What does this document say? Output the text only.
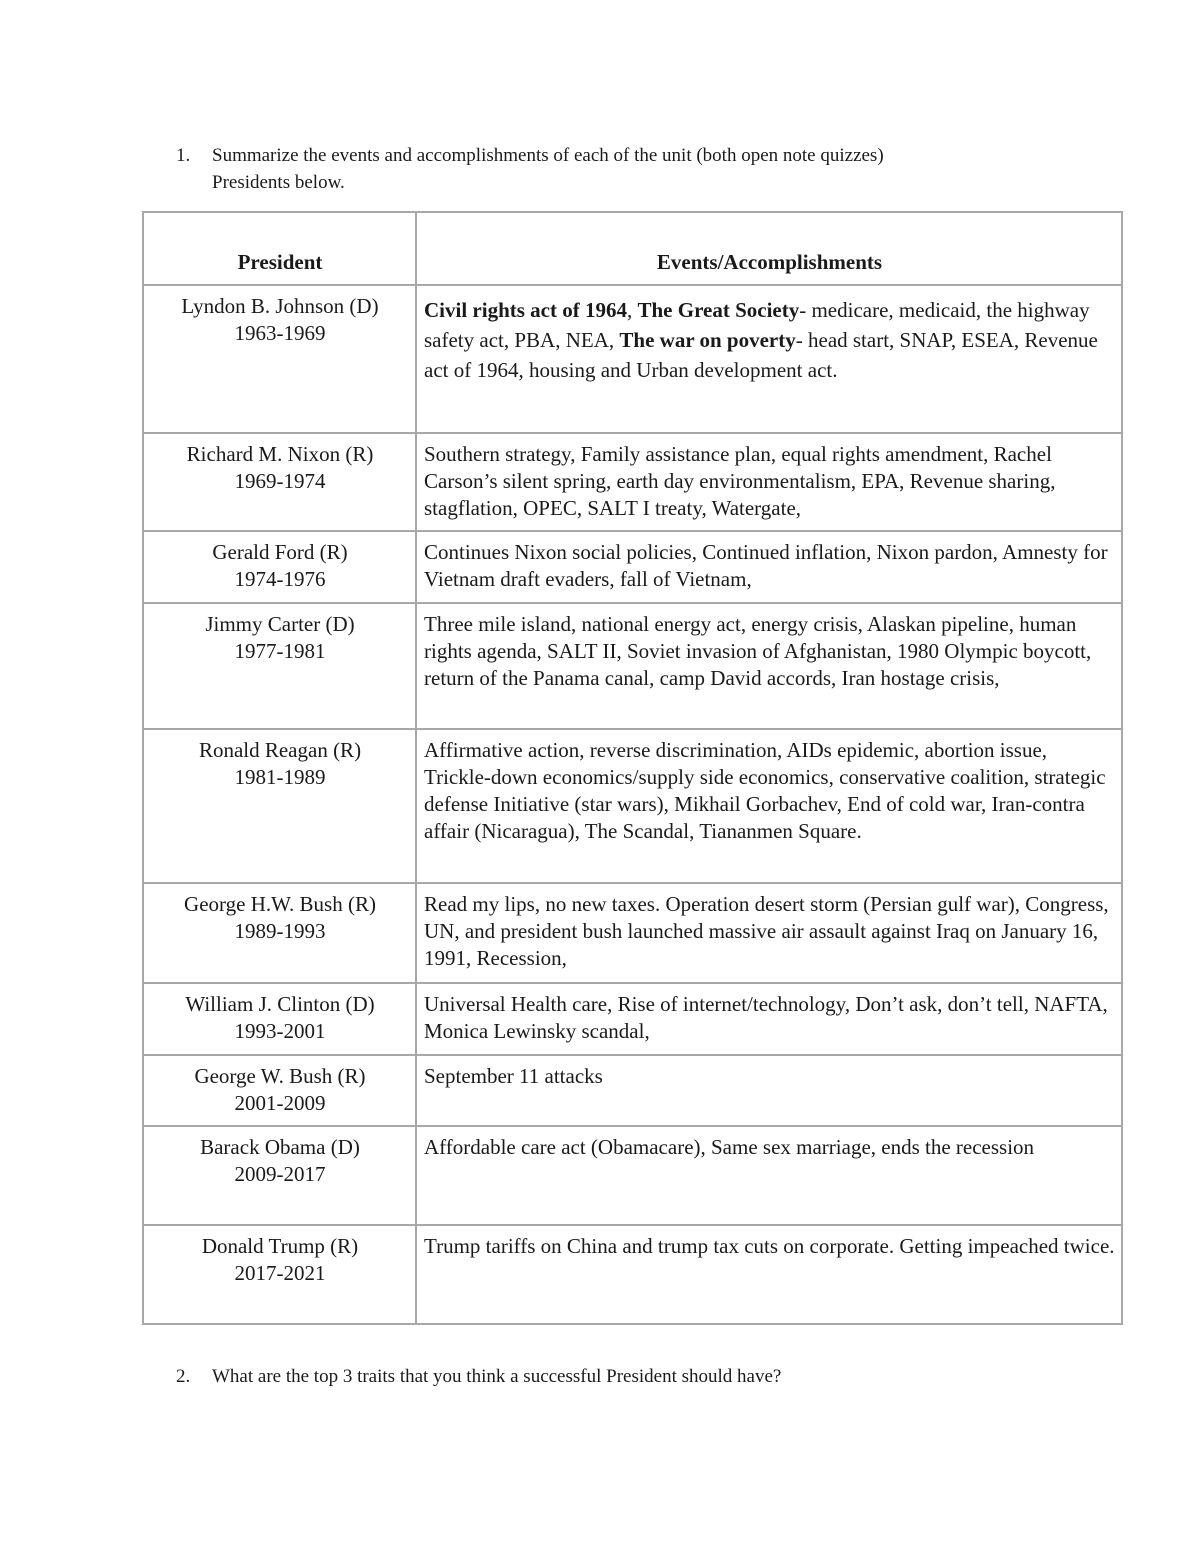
1. Summarize the events and accomplishments of each of the unit (both open note quizzes)
Presidents below.
President	Events/Accomplishments

Lyndon B. Johnson (D)
1963-1969	Civil rights act of 1964, The Great Society- medicare, medicaid, the highway safety act, PBA, NEA, The war on poverty- head start, SNAP, ESEA, Revenue act of 1964, housing and Urban development act.

Richard M. Nixon (R)
1969-1974	Southern strategy, Family assistance plan, equal rights amendment, Rachel Carson’s silent spring, earth day environmentalism, EPA, Revenue sharing, stagflation, OPEC, SALT I treaty, Watergate,

Gerald Ford (R)
1974-1976	Continues Nixon social policies, Continued inflation, Nixon pardon, Amnesty for Vietnam draft evaders, fall of Vietnam,

Jimmy Carter (D)
1977-1981	Three mile island, national energy act, energy crisis, Alaskan pipeline, human rights agenda, SALT II, Soviet invasion of Afghanistan, 1980 Olympic boycott, return of the Panama canal, camp David accords, Iran hostage crisis,

Ronald Reagan (R)
1981-1989	Affirmative action, reverse discrimination, AIDs epidemic, abortion issue, Trickle-down economics/supply side economics, conservative coalition, strategic defense Initiative (star wars), Mikhail Gorbachev, End of cold war, Iran-contra affair (Nicaragua), The Scandal, Tiananmen Square.

George H.W. Bush (R)
1989-1993	Read my lips, no new taxes. Operation desert storm (Persian gulf war), Congress, UN, and president bush launched massive air assault against Iraq on January 16, 1991, Recession,

William J. Clinton (D)
1993-2001	Universal Health care, Rise of internet/technology, Don’t ask, don’t tell, NAFTA, Monica Lewinsky scandal,

George W. Bush (R)
2001-2009	September 11 attacks

Barack Obama (D)
2009-2017	Affordable care act (Obamacare), Same sex marriage, ends the recession

Donald Trump (R)
2017-2021	Trump tariffs on China and trump tax cuts on corporate. Getting impeached twice.
2. What are the top 3 traits that you think a successful President should have?
